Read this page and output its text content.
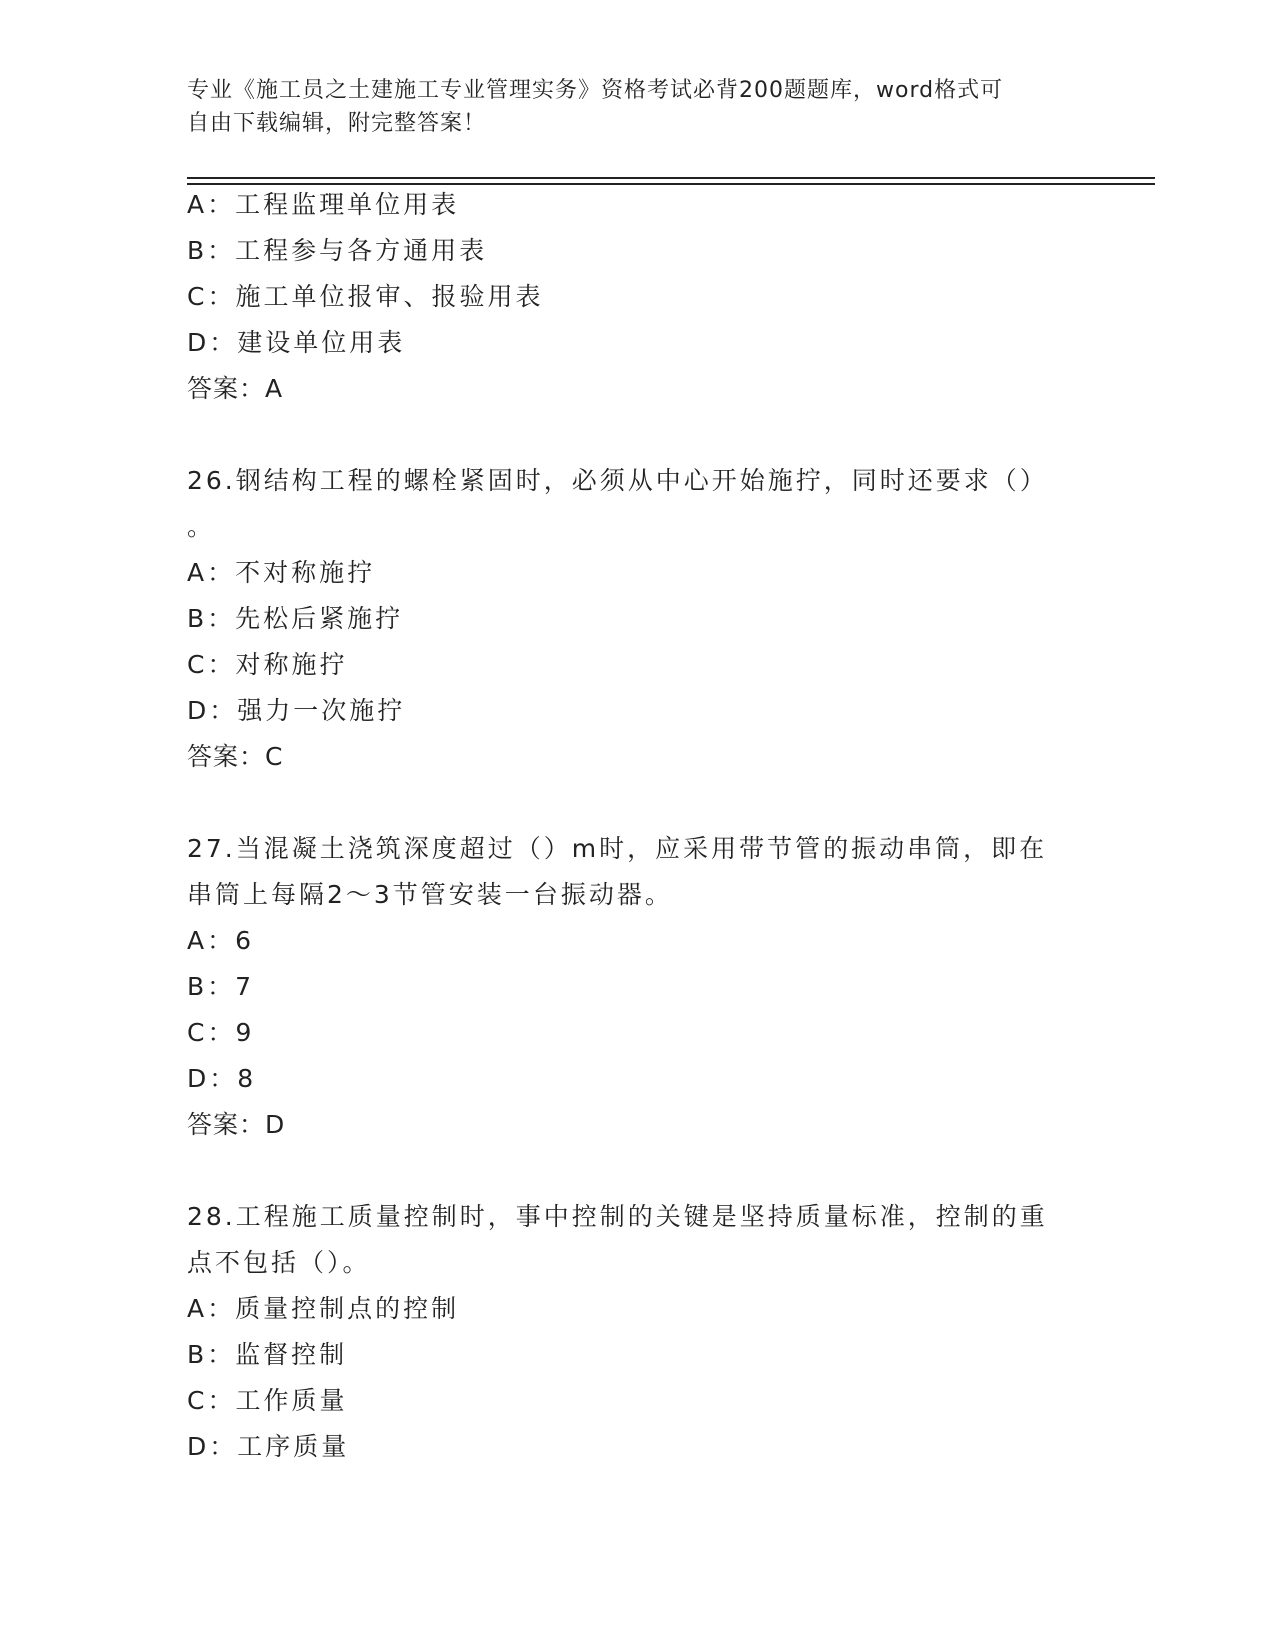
专业《施工员之土建施工专业管理实务》资格考试必背200题题库，word格式可
自由下载编辑，附完整答案！
A：工程监理单位用表
B：工程参与各方通用表
C：施工单位报审、报验用表
D：建设单位用表
答案：A
26.钢结构工程的螺栓紧固时，必须从中心开始施拧，同时还要求（）
。
A：不对称施拧
B：先松后紧施拧
C：对称施拧
D：强力一次施拧
答案：C
27.当混凝土浇筑深度超过（）m时，应采用带节管的振动串筒，即在
串筒上每隔2～3节管安装一台振动器。
A：6
B：7
C：9
D：8
答案：D
28.工程施工质量控制时，事中控制的关键是坚持质量标准，控制的重
点不包括（）。
A：质量控制点的控制
B：监督控制
C：工作质量
D：工序质量
